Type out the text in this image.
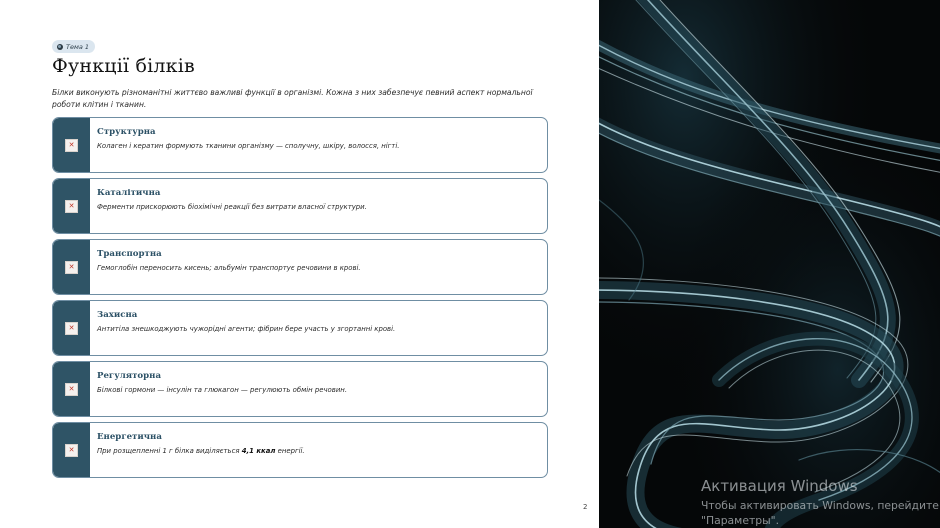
Тема 1
Функції білків

Білки виконують різноманітні життєво важливі функції в організмі. Кожна з них забезпечує певний аспект нормальної роботи клітин і тканин.

✕
Структурна
Колаген і кератин формують тканини організму — сполучну, шкіру, волосся, нігті.
✕
Каталітична
Ферменти прискорюють біохімічні реакції без витрати власної структури.
✕
Транспортна
Гемоглобін переносить кисень; альбумін транспортує речовини в крові.
✕
Захисна
Антитіла знешкоджують чужорідні агенти; фібрин бере участь у згортанні крові.
✕
Регуляторна
Білкові гормони — інсулін та глюкагон — регулюють обмін речовин.
✕
Енергетична
При розщепленні 1 г білка виділяється 4,1 ккал енергії.
2
Активация Windows
Чтобы активировать Windows, перейдите
"Параметры".
